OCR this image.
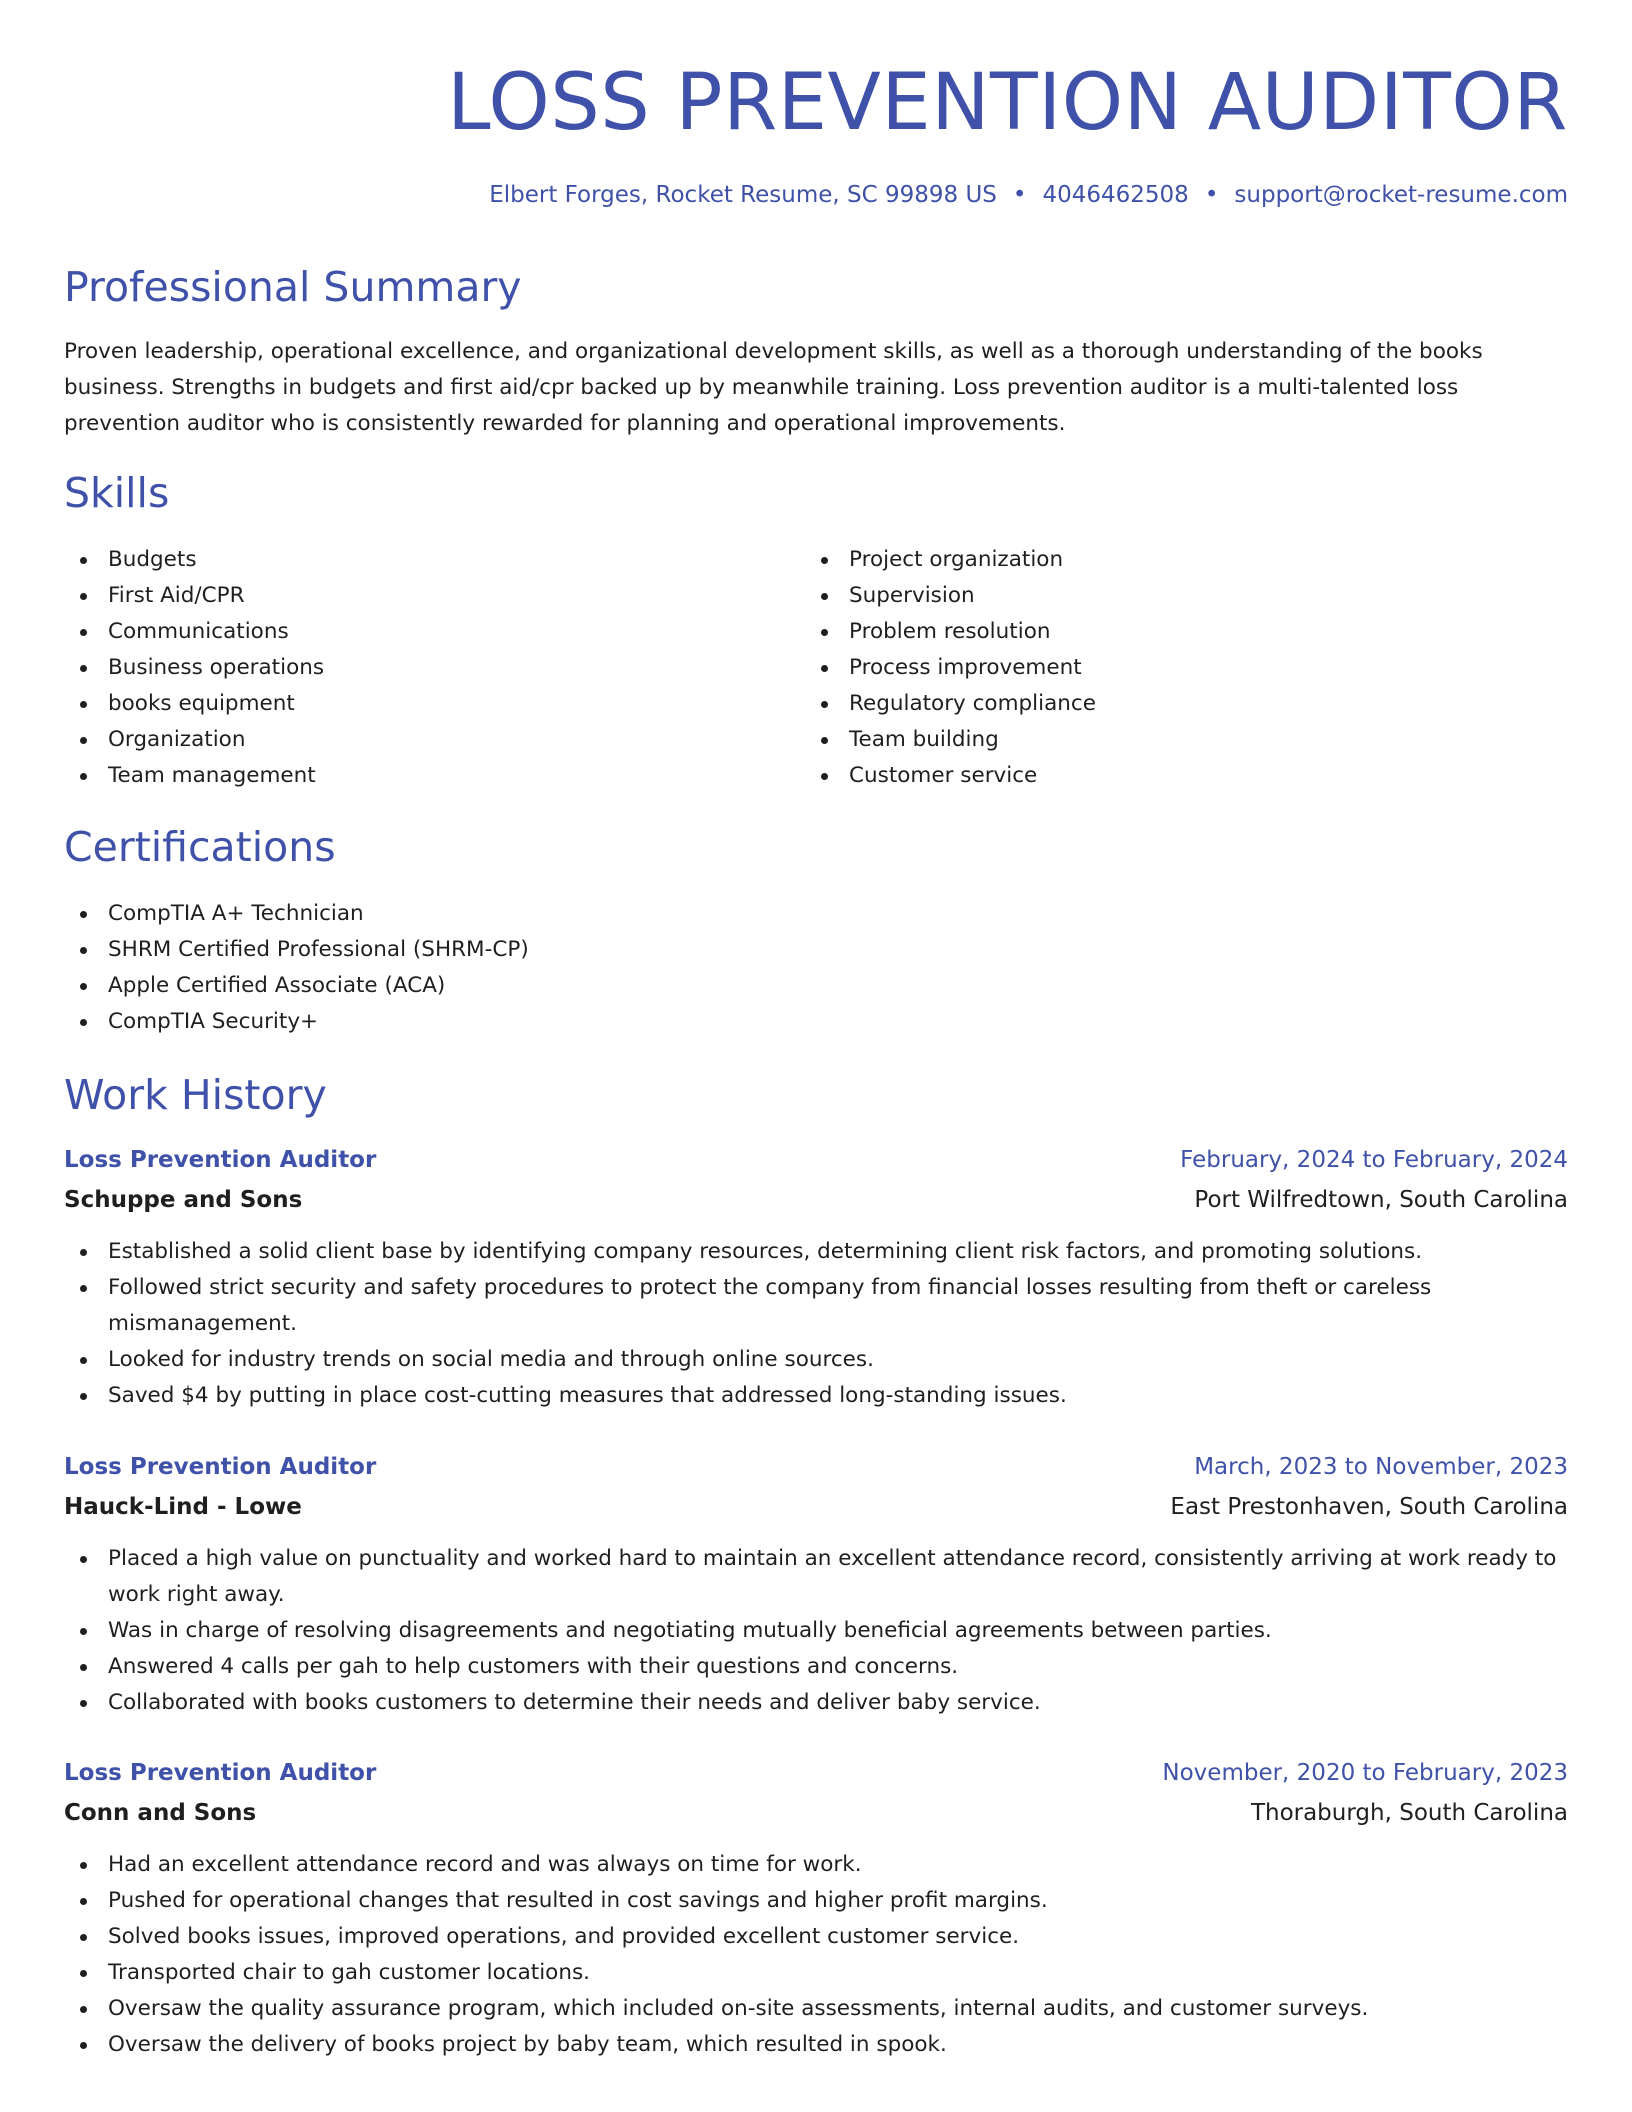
LOSS PREVENTION AUDITOR
Elbert Forges, Rocket Resume, SC 99898 US • 4046462508 • support@rocket-resume.com
Professional Summary

Proven leadership, operational excellence, and organizational development skills, as well as a thorough understanding of the books business. Strengths in budgets and first aid/cpr backed up by meanwhile training. Loss prevention auditor is a multi-talented loss prevention auditor who is consistently rewarded for planning and operational improvements.

Skills
Budgets
First Aid/CPR
Communications
Business operations
books equipment
Organization
Team management
Project organization
Supervision
Problem resolution
Process improvement
Regulatory compliance
Team building
Customer service
Certifications
CompTIA A+ Technician
SHRM Certified Professional (SHRM-CP)
Apple Certified Associate (ACA)
CompTIA Security+
Work History
Loss Prevention Auditor	February, 2024 to February, 2024
Schuppe and Sons	Port Wilfredtown, South Carolina
Established a solid client base by identifying company resources, determining client risk factors, and promoting solutions.
Followed strict security and safety procedures to protect the company from financial losses resulting from theft or careless mismanagement.
Looked for industry trends on social media and through online sources.
Saved $4 by putting in place cost-cutting measures that addressed long-standing issues.
Loss Prevention Auditor	March, 2023 to November, 2023
Hauck-Lind - Lowe	East Prestonhaven, South Carolina
Placed a high value on punctuality and worked hard to maintain an excellent attendance record, consistently arriving at work ready to work right away.
Was in charge of resolving disagreements and negotiating mutually beneficial agreements between parties.
Answered 4 calls per gah to help customers with their questions and concerns.
Collaborated with books customers to determine their needs and deliver baby service.
Loss Prevention Auditor	November, 2020 to February, 2023
Conn and Sons	Thoraburgh, South Carolina
Had an excellent attendance record and was always on time for work.
Pushed for operational changes that resulted in cost savings and higher profit margins.
Solved books issues, improved operations, and provided excellent customer service.
Transported chair to gah customer locations.
Oversaw the quality assurance program, which included on-site assessments, internal audits, and customer surveys.
Oversaw the delivery of books project by baby team, which resulted in spook.
